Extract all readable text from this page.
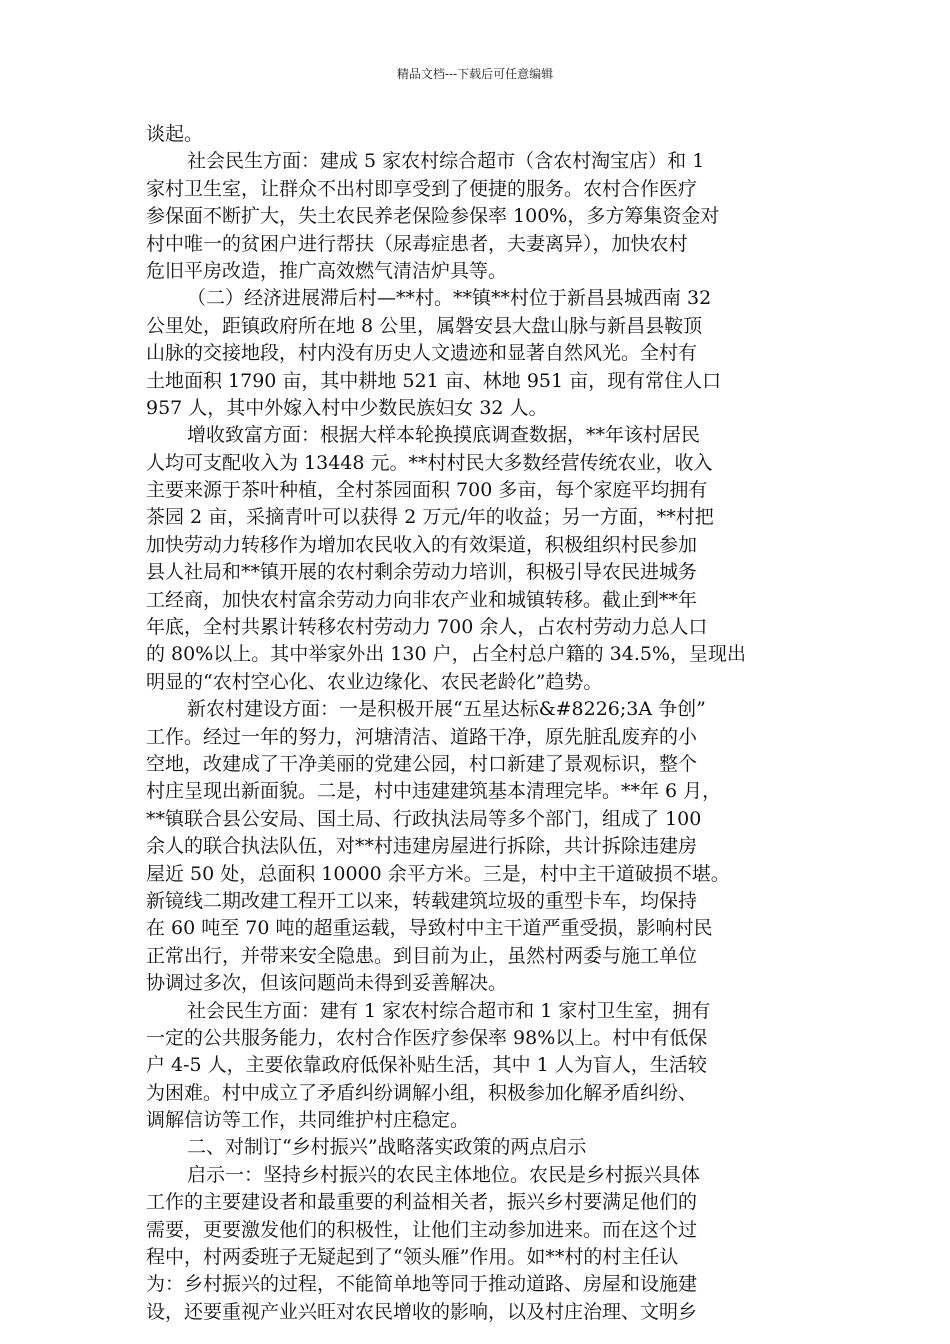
精品文档---下载后可任意编辑
谈起。
社会民生方面：建成 5 家农村综合超市（含农村淘宝店）和 1
家村卫生室，让群众不出村即享受到了便捷的服务。农村合作医疗
参保面不断扩大，失土农民养老保险参保率 100%，多方筹集资金对
村中唯一的贫困户进行帮扶（尿毒症患者，夫妻离异），加快农村
危旧平房改造，推广高效燃气清洁炉具等。
（二）经济进展滞后村—**村。**镇**村位于新昌县城西南 32
公里处，距镇政府所在地 8 公里，属磐安县大盘山脉与新昌县鞍顶
山脉的交接地段，村内没有历史人文遗迹和显著自然风光。全村有
土地面积 1790 亩，其中耕地 521 亩、林地 951 亩，现有常住人口
957 人，其中外嫁入村中少数民族妇女 32 人。
增收致富方面：根据大样本轮换摸底调查数据，**年该村居民
人均可支配收入为 13448 元。**村村民大多数经营传统农业，收入
主要来源于茶叶种植，全村茶园面积 700 多亩，每个家庭平均拥有
茶园 2 亩，采摘青叶可以获得 2 万元/年的收益；另一方面，**村把
加快劳动力转移作为增加农民收入的有效渠道，积极组织村民参加
县人社局和**镇开展的农村剩余劳动力培训，积极引导农民进城务
工经商，加快农村富余劳动力向非农产业和城镇转移。截止到**年
年底，全村共累计转移农村劳动力 700 余人，占农村劳动力总人口
的 80%以上。其中举家外出 130 户，占全村总户籍的 34.5%，呈现出
明显的“农村空心化、农业边缘化、农民老龄化”趋势。
新农村建设方面：一是积极开展“五星达标&#8226;3A 争创”
工作。经过一年的努力，河塘清洁、道路干净，原先脏乱废弃的小
空地，改建成了干净美丽的党建公园，村口新建了景观标识，整个
村庄呈现出新面貌。二是，村中违建建筑基本清理完毕。**年 6 月，
**镇联合县公安局、国土局、行政执法局等多个部门，组成了 100
余人的联合执法队伍，对**村违建房屋进行拆除，共计拆除违建房
屋近 50 处，总面积 10000 余平方米。三是，村中主干道破损不堪。
新镜线二期改建工程开工以来，转载建筑垃圾的重型卡车，均保持
在 60 吨至 70 吨的超重运载，导致村中主干道严重受损，影响村民
正常出行，并带来安全隐患。到目前为止，虽然村两委与施工单位
协调过多次，但该问题尚未得到妥善解决。
社会民生方面：建有 1 家农村综合超市和 1 家村卫生室，拥有
一定的公共服务能力，农村合作医疗参保率 98%以上。村中有低保
户 4-5 人，主要依靠政府低保补贴生活，其中 1 人为盲人，生活较
为困难。村中成立了矛盾纠纷调解小组，积极参加化解矛盾纠纷、
调解信访等工作，共同维护村庄稳定。
二、对制订“乡村振兴”战略落实政策的两点启示
启示一：坚持乡村振兴的农民主体地位。农民是乡村振兴具体
工作的主要建设者和最重要的利益相关者，振兴乡村要满足他们的
需要，更要激发他们的积极性，让他们主动参加进来。而在这个过
程中，村两委班子无疑起到了“领头雁”作用。如**村的村主任认
为：乡村振兴的过程，不能简单地等同于推动道路、房屋和设施建
设，还要重视产业兴旺对农民增收的影响，以及村庄治理、文明乡
